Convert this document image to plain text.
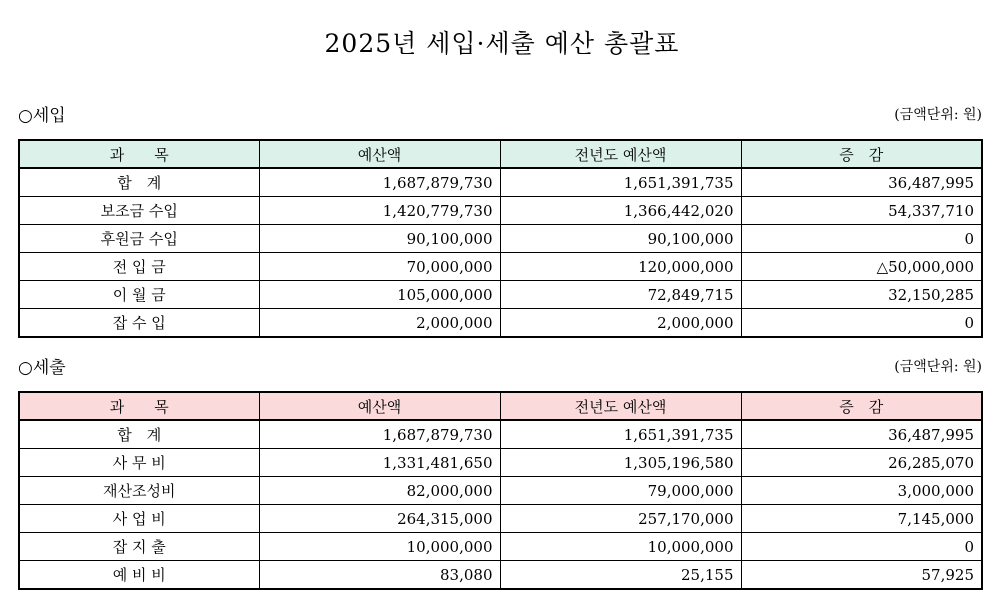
2025년 세입·세출 예산 총괄표
○세입	(금액단위: 원)
과　　목	예산액	전년도 예산액	증　감
합　계	1,687,879,730	1,651,391,735	36,487,995
보조금 수입	1,420,779,730	1,366,442,020	54,337,710
후원금 수입	90,100,000	90,100,000	0
전 입 금	70,000,000	120,000,000	△50,000,000
이 월 금	105,000,000	72,849,715	32,150,285
잡 수 입	2,000,000	2,000,000	0
○세출	(금액단위: 원)
과　　목	예산액	전년도 예산액	증　감
합　계	1,687,879,730	1,651,391,735	36,487,995
사 무 비	1,331,481,650	1,305,196,580	26,285,070
재산조성비	82,000,000	79,000,000	3,000,000
사 업 비	264,315,000	257,170,000	7,145,000
잡 지 출	10,000,000	10,000,000	0
예 비 비	83,080	25,155	57,925
